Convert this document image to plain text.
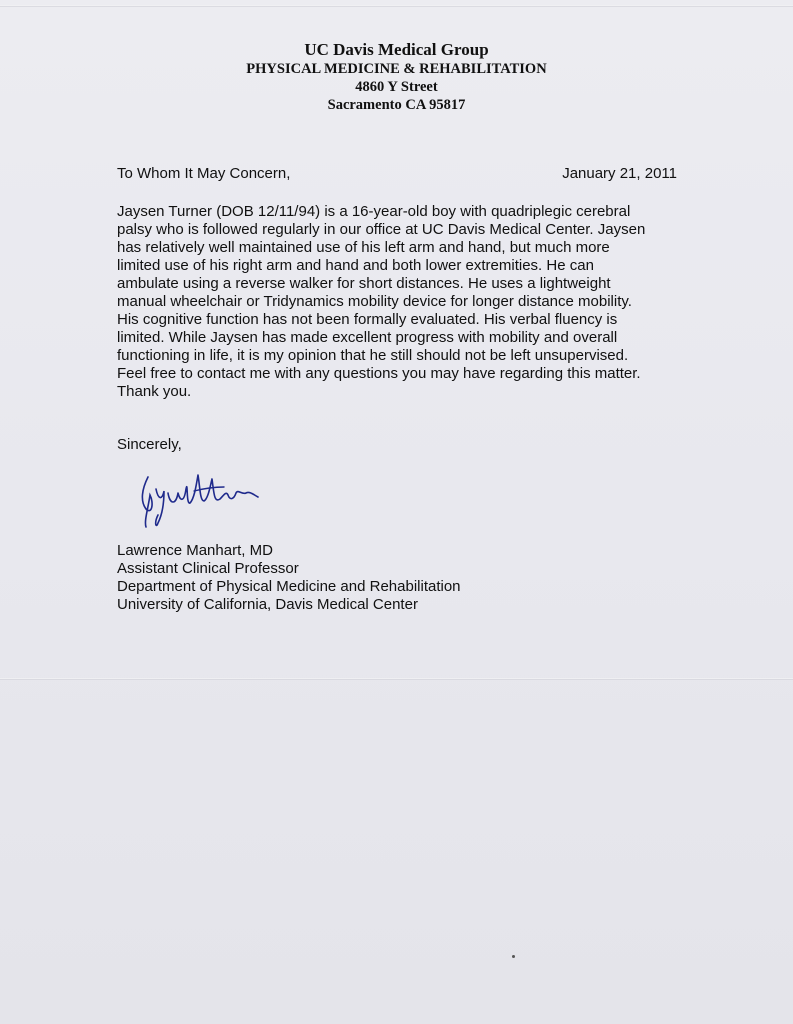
UC Davis Medical Group
PHYSICAL MEDICINE & REHABILITATION
4860 Y Street
Sacramento CA 95817
To Whom It May Concern,	January 21, 2011
Jaysen Turner (DOB 12/11/94) is a 16-year-old boy with quadriplegic cerebral
palsy who is followed regularly in our office at UC Davis Medical Center. Jaysen
has relatively well maintained use of his left arm and hand, but much more
limited use of his right arm and hand and both lower extremities. He can
ambulate using a reverse walker for short distances. He uses a lightweight
manual wheelchair or Tridynamics mobility device for longer distance mobility.
His cognitive function has not been formally evaluated. His verbal fluency is
limited. While Jaysen has made excellent progress with mobility and overall
functioning in life, it is my opinion that he still should not be left unsupervised.
Feel free to contact me with any questions you may have regarding this matter.
Thank you.
Sincerely,
Lawrence Manhart, MD
Assistant Clinical Professor
Department of Physical Medicine and Rehabilitation
University of California, Davis Medical Center
